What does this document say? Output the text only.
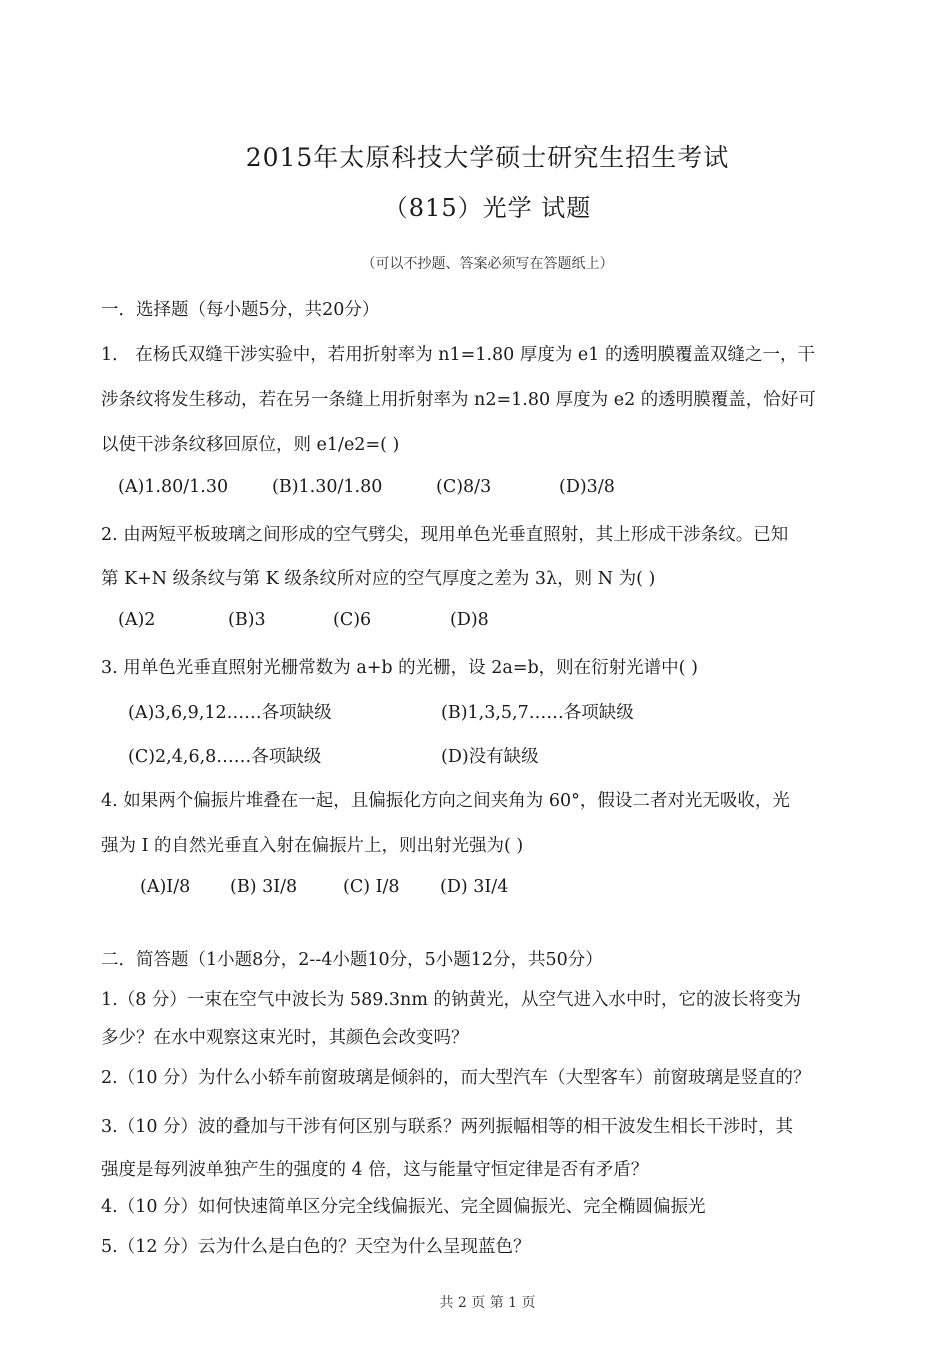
2015年太原科技大学硕士研究生招生考试
（815）光学 试题
（可以不抄题、答案必须写在答题纸上）
一．选择题（每小题5分，共20分）
1． 在杨氏双缝干涉实验中，若用折射率为 n1=1.80 厚度为 e1 的透明膜覆盖双缝之一，干
涉条纹将发生移动，若在另一条缝上用折射率为 n2=1.80 厚度为 e2 的透明膜覆盖，恰好可
以使干涉条纹移回原位，则 e1/e2=( )
(A)1.80/1.30	(B)1.30/1.80	(C)8/3	(D)3/8
2. 由两短平板玻璃之间形成的空气劈尖，现用单色光垂直照射，其上形成干涉条纹。已知
第 K+N 级条纹与第 K 级条纹所对应的空气厚度之差为 3λ，则 N 为( )
(A)2	(B)3	(C)6	(D)8
3. 用单色光垂直照射光栅常数为 a+b 的光栅，设 2a=b，则在衍射光谱中( )
(A)3,6,9,12……各项缺级	(B)1,3,5,7……各项缺级
(C)2,4,6,8……各项缺级	(D)没有缺级
4. 如果两个偏振片堆叠在一起，且偏振化方向之间夹角为 60°，假设二者对光无吸收，光
强为 I 的自然光垂直入射在偏振片上，则出射光强为( )
(A)I/8 (B) 3I/8	(C) I/8 (D) 3I/4
二．简答题（1小题8分，2--4小题10分，5小题12分，共50分）
1.（8 分）一束在空气中波长为 589.3nm 的钠黄光，从空气进入水中时，它的波长将变为
多少？在水中观察这束光时，其颜色会改变吗？
2.（10 分）为什么小轿车前窗玻璃是倾斜的，而大型汽车（大型客车）前窗玻璃是竖直的？
3.（10 分）波的叠加与干涉有何区别与联系？两列振幅相等的相干波发生相长干涉时，其
强度是每列波单独产生的强度的 4 倍，这与能量守恒定律是否有矛盾？
4.（10 分）如何快速简单区分完全线偏振光、完全圆偏振光、完全椭圆偏振光
5.（12 分）云为什么是白色的？天空为什么呈现蓝色？
共 2 页 第 1 页
